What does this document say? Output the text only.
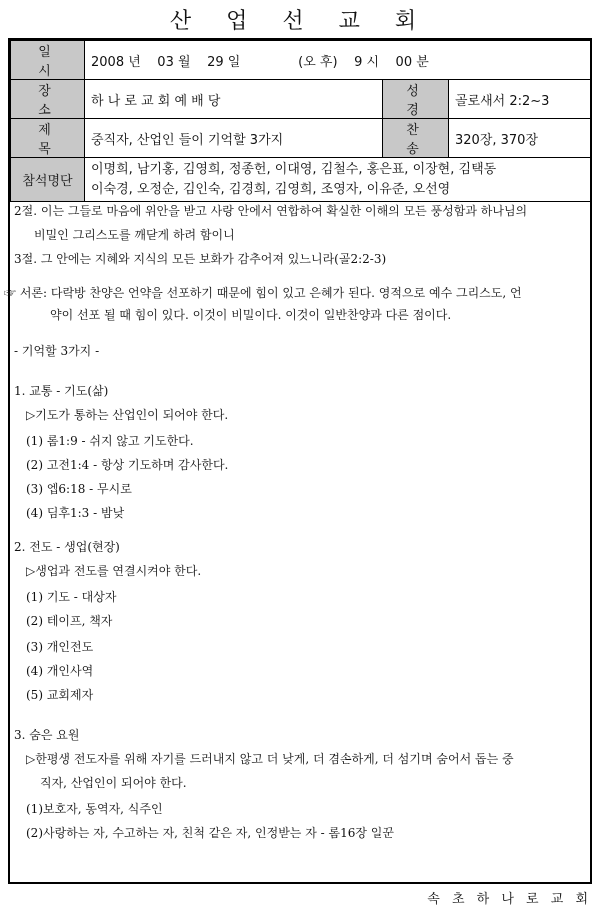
산 업 선 교 회
일 시	2008 년    03 월    29 일              (오 후)    9 시    00 분		
장 소	하 나 로 교 회 예 배 당	성 경	골로새서 2:2~3
제 목	중직자, 산업인 들이 기억할 3가지	찬 송	320장, 370장
참석명단	이명희, 남기홍, 김영희, 정종헌, 이대영, 김철수, 홍은표, 이장현, 김택동
이숙경, 오정순, 김인숙, 김경희, 김영희, 조영자, 이유준, 오선영		
2절. 이는 그들로 마음에 위안을 받고 사랑 안에서 연합하여 확실한 이해의 모든 풍성함과 하나님의
비밀인 그리스도를 깨닫게 하려 함이니
3절. 그 안에는 지혜와 지식의 모든 보화가 감추어져 있느니라(골2:2-3)
☞ 서론: 다락방 찬양은 언약을 선포하기 때문에 힘이 있고 은혜가 된다. 영적으로 예수 그리스도, 언
약이 선포 될 때 힘이 있다. 이것이 비밀이다. 이것이 일반찬양과 다른 점이다.
- 기억할 3가지 -
1. 교통 - 기도(삶)
▷기도가 통하는 산업인이 되어야 한다.
(1) 롬1:9 - 쉬지 않고 기도한다.
(2) 고전1:4 - 항상 기도하며 감사한다.
(3) 엡6:18 - 무시로
(4) 딤후1:3 - 밤낮
2. 전도 - 생업(현장)
▷생업과 전도를 연결시켜야 한다.
(1) 기도 - 대상자
(2) 테이프, 책자
(3) 개인전도
(4) 개인사역
(5) 교회제자
3. 숨은 요원
▷한평생 전도자를 위해 자기를 드러내지 않고 더 낮게, 더 겸손하게, 더 섬기며 숨어서 돕는 중
직자, 산업인이 되어야 한다.
(1)보호자, 동역자, 식주인
(2)사랑하는 자, 수고하는 자, 친척 같은 자, 인정받는 자 - 롬16장 일꾼
속 초 하 나 로 교 회
